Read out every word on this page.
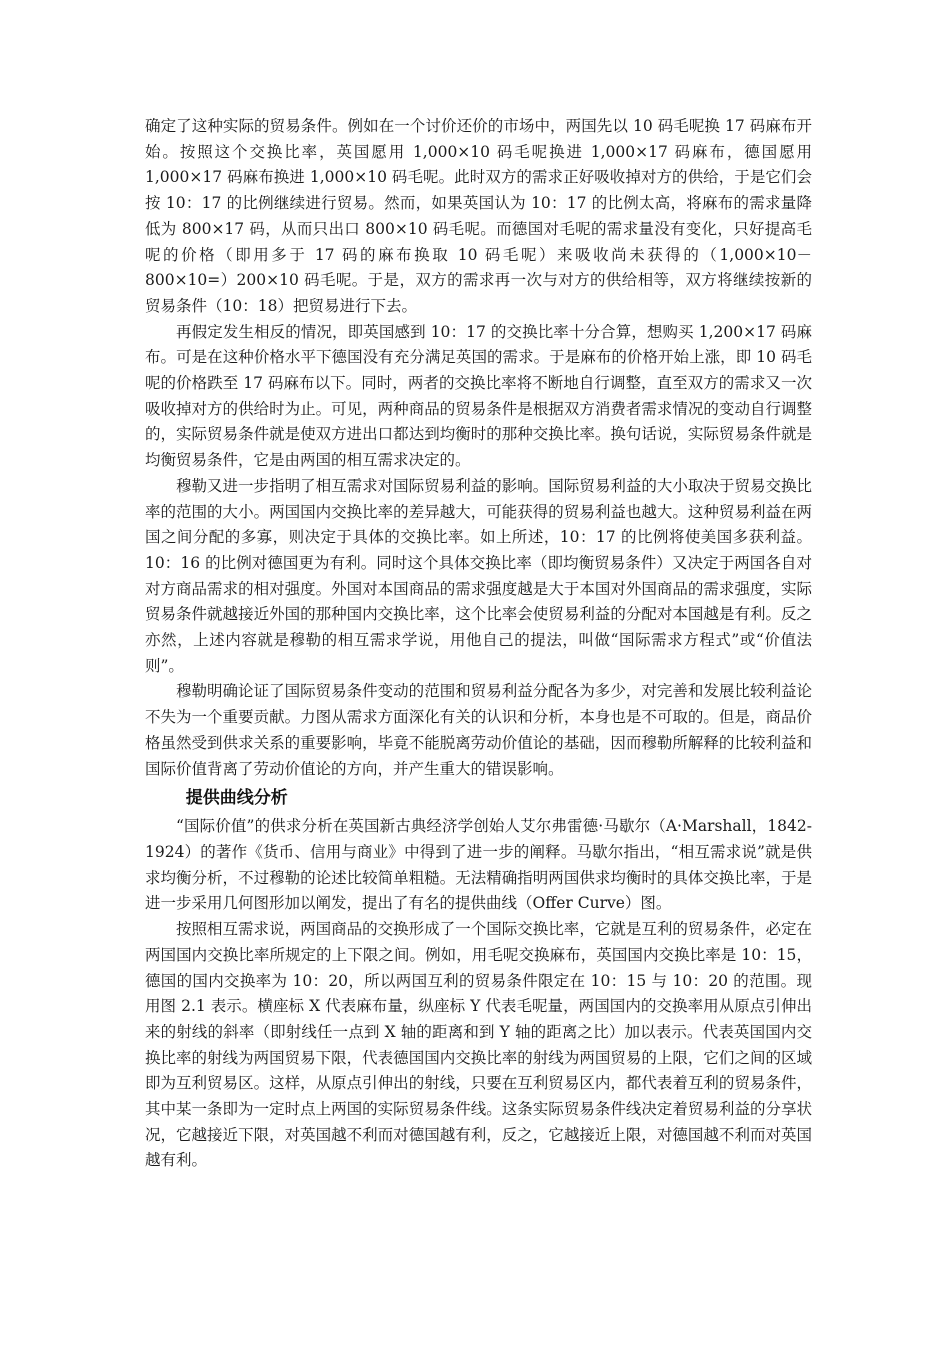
确定了这种实际的贸易条件。例如在一个讨价还价的市场中，两国先以 10 码毛呢换 17 码麻布开始。按照这个交换比率，英国愿用 1,000×10 码毛呢换进 1,000×17 码麻布，德国愿用 1,000×17 码麻布换进 1,000×10 码毛呢。此时双方的需求正好吸收掉对方的供给，于是它们会按 10：17 的比例继续进行贸易。然而，如果英国认为 10：17 的比例太高，将麻布的需求量降低为 800×17 码，从而只出口 800×10 码毛呢。而德国对毛呢的需求量没有变化，只好提高毛呢的价格（即用多于 17 码的麻布换取 10 码毛呢）来吸收尚未获得的（1,000×10－800×10=）200×10 码毛呢。于是，双方的需求再一次与对方的供给相等，双方将继续按新的贸易条件（10：18）把贸易进行下去。

再假定发生相反的情况，即英国感到 10：17 的交换比率十分合算，想购买 1,200×17 码麻布。可是在这种价格水平下德国没有充分满足英国的需求。于是麻布的价格开始上涨，即 10 码毛呢的价格跌至 17 码麻布以下。同时，两者的交换比率将不断地自行调整，直至双方的需求又一次吸收掉对方的供给时为止。可见，两种商品的贸易条件是根据双方消费者需求情况的变动自行调整的，实际贸易条件就是使双方进出口都达到均衡时的那种交换比率。换句话说，实际贸易条件就是均衡贸易条件，它是由两国的相互需求决定的。

穆勒又进一步指明了相互需求对国际贸易利益的影响。国际贸易利益的大小取决于贸易交换比率的范围的大小。两国国内交换比率的差异越大，可能获得的贸易利益也越大。这种贸易利益在两国之间分配的多寡，则决定于具体的交换比率。如上所述，10：17 的比例将使美国多获利益。10：16 的比例对德国更为有利。同时这个具体交换比率（即均衡贸易条件）又决定于两国各自对对方商品需求的相对强度。外国对本国商品的需求强度越是大于本国对外国商品的需求强度，实际贸易条件就越接近外国的那种国内交换比率，这个比率会使贸易利益的分配对本国越是有利。反之亦然，上述内容就是穆勒的相互需求学说，用他自己的提法，叫做“国际需求方程式”或“价值法则”。

穆勒明确论证了国际贸易条件变动的范围和贸易利益分配各为多少，对完善和发展比较利益论不失为一个重要贡献。力图从需求方面深化有关的认识和分析，本身也是不可取的。但是，商品价格虽然受到供求关系的重要影响，毕竟不能脱离劳动价值论的基础，因而穆勒所解释的比较利益和国际价值背离了劳动价值论的方向，并产生重大的错误影响。

提供曲线分析

“国际价值”的供求分析在英国新古典经济学创始人艾尔弗雷德·马歇尔（A·Marshall，1842-1924）的著作《货币、信用与商业》中得到了进一步的阐释。马歇尔指出，“相互需求说”就是供求均衡分析，不过穆勒的论述比较简单粗糙。无法精确指明两国供求均衡时的具体交换比率，于是进一步采用几何图形加以阐发，提出了有名的提供曲线（Offer Curve）图。

按照相互需求说，两国商品的交换形成了一个国际交换比率，它就是互利的贸易条件，必定在两国国内交换比率所规定的上下限之间。例如，用毛呢交换麻布，英国国内交换比率是 10：15，德国的国内交换率为 10：20，所以两国互利的贸易条件限定在 10：15 与 10：20 的范围。现用图 2.1 表示。横座标 X 代表麻布量，纵座标 Y 代表毛呢量，两国国内的交换率用从原点引伸出来的射线的斜率（即射线任一点到 X 轴的距离和到 Y 轴的距离之比）加以表示。代表英国国内交换比率的射线为两国贸易下限，代表德国国内交换比率的射线为两国贸易的上限，它们之间的区域即为互利贸易区。这样，从原点引伸出的射线，只要在互利贸易区内，都代表着互利的贸易条件，其中某一条即为一定时点上两国的实际贸易条件线。这条实际贸易条件线决定着贸易利益的分享状况，它越接近下限，对英国越不利而对德国越有利，反之，它越接近上限，对德国越不利而对英国越有利。
